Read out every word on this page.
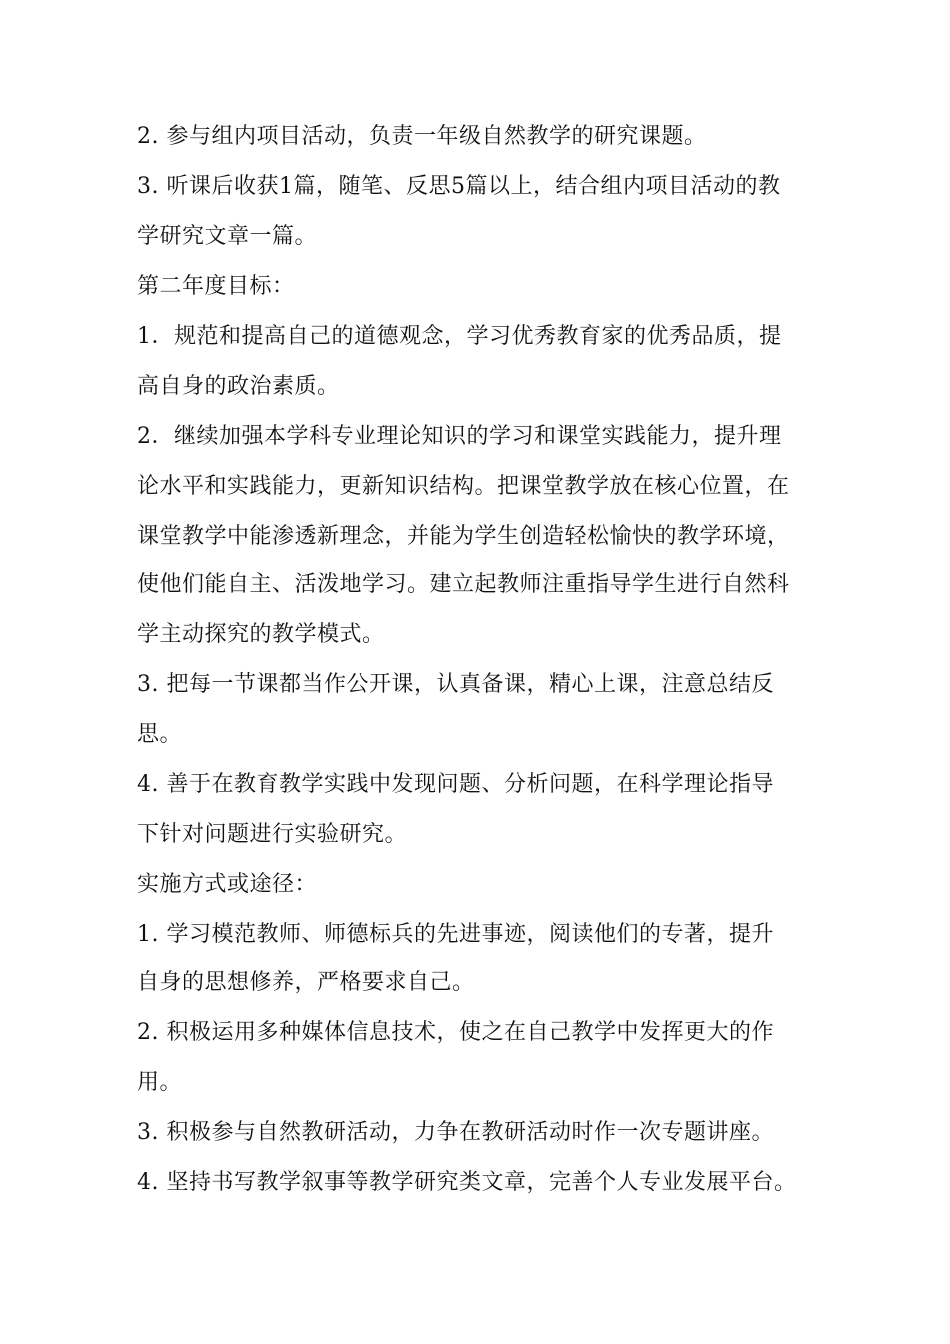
2. 参与组内项目活动，负责一年级自然教学的研究课题。
3. 听课后收获1篇，随笔、反思5篇以上，结合组内项目活动的教
学研究文章一篇。
第二年度目标：
1．规范和提高自己的道德观念，学习优秀教育家的优秀品质，提
高自身的政治素质。
2．继续加强本学科专业理论知识的学习和课堂实践能力，提升理
论水平和实践能力，更新知识结构。把课堂教学放在核心位置，在
课堂教学中能渗透新理念，并能为学生创造轻松愉快的教学环境，
使他们能自主、活泼地学习。建立起教师注重指导学生进行自然科
学主动探究的教学模式。
3. 把每一节课都当作公开课，认真备课，精心上课，注意总结反
思。
4. 善于在教育教学实践中发现问题、分析问题，在科学理论指导
下针对问题进行实验研究。
实施方式或途径：
1. 学习模范教师、师德标兵的先进事迹，阅读他们的专著，提升
自身的思想修养，严格要求自己。
2. 积极运用多种媒体信息技术，使之在自己教学中发挥更大的作
用。
3. 积极参与自然教研活动，力争在教研活动时作一次专题讲座。
4. 坚持书写教学叙事等教学研究类文章，完善个人专业发展平台。
